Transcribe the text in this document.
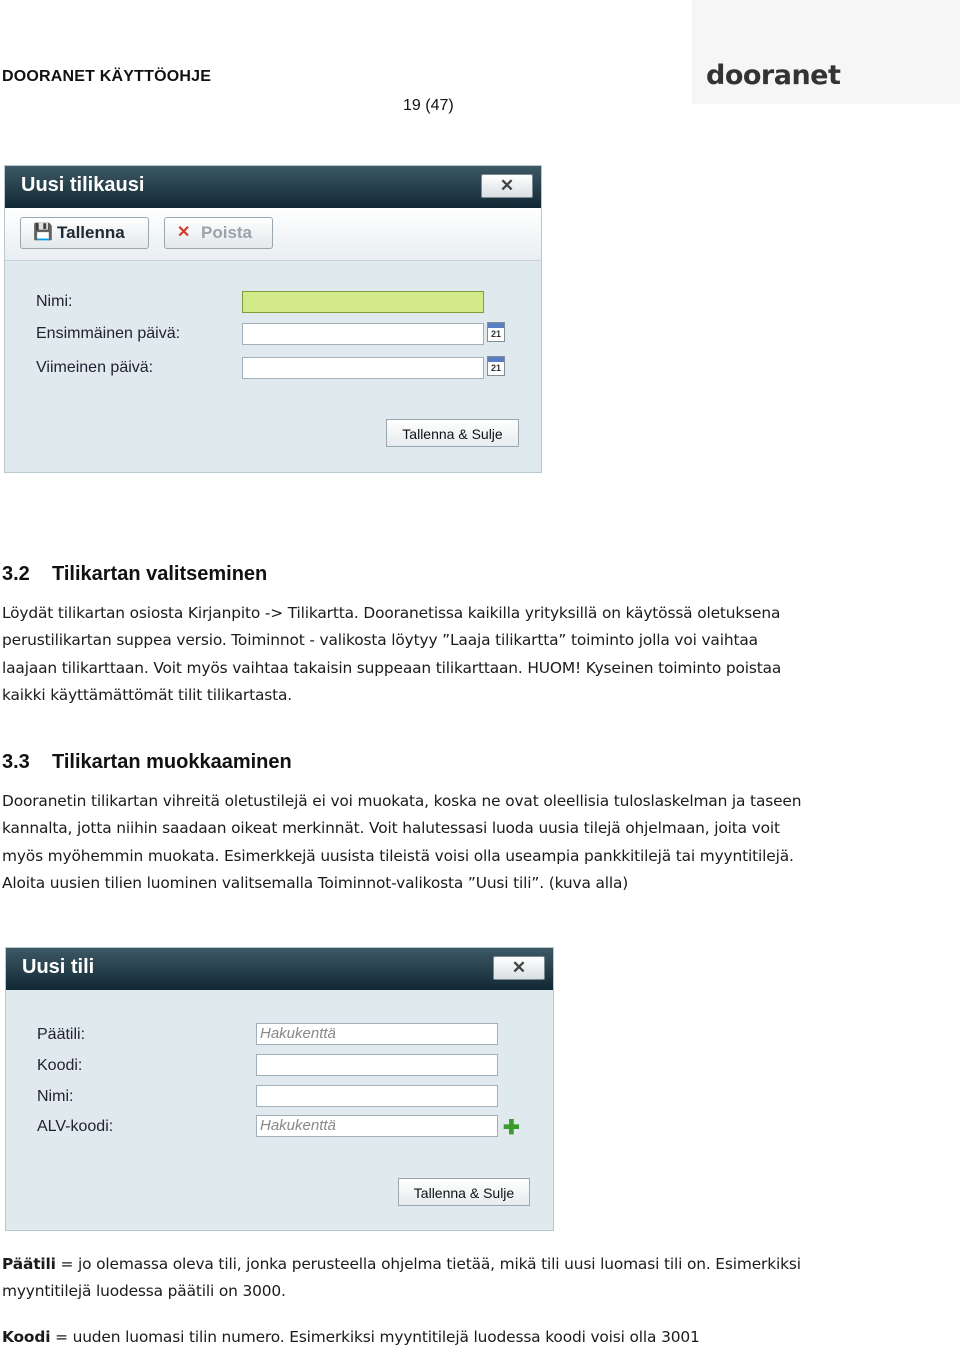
DOORANET KÄYTTÖOHJE
19 (47)
dooranet
Uusi tilikausi	✕
💾 Tallenna	✕ Poista
Nimi:
Ensimmäinen päivä:	21
Viimeinen päivä:	21
Tallenna & Sulje
3.2 Tilikartan valitseminen
Löydät tilikartan osiosta Kirjanpito -> Tilikartta. Dooranetissa kaikilla yrityksillä on käytössä oletuksena
perustilikartan suppea versio. Toiminnot - valikosta löytyy ”Laaja tilikartta” toiminto jolla voi vaihtaa
laajaan tilikarttaan. Voit myös vaihtaa takaisin suppeaan tilikarttaan. HUOM! Kyseinen toiminto poistaa
kaikki käyttämättömät tilit tilikartasta.
3.3 Tilikartan muokkaaminen
Dooranetin tilikartan vihreitä oletustilejä ei voi muokata, koska ne ovat oleellisia tuloslaskelman ja taseen
kannalta, jotta niihin saadaan oikeat merkinnät. Voit halutessasi luoda uusia tilejä ohjelmaan, joita voit
myös myöhemmin muokata. Esimerkkejä uusista tileistä voisi olla useampia pankkitilejä tai myyntitilejä.
Aloita uusien tilien luominen valitsemalla Toiminnot-valikosta ”Uusi tili”. (kuva alla)
Uusi tili	✕
Päätili:	Hakukenttä
Koodi:
Nimi:
ALV-koodi:	Hakukenttä	✚
Tallenna & Sulje
Päätili = jo olemassa oleva tili, jonka perusteella ohjelma tietää, mikä tili uusi luomasi tili on. Esimerkiksi
myyntitilejä luodessa päätili on 3000.
Koodi = uuden luomasi tilin numero. Esimerkiksi myyntitilejä luodessa koodi voisi olla 3001
